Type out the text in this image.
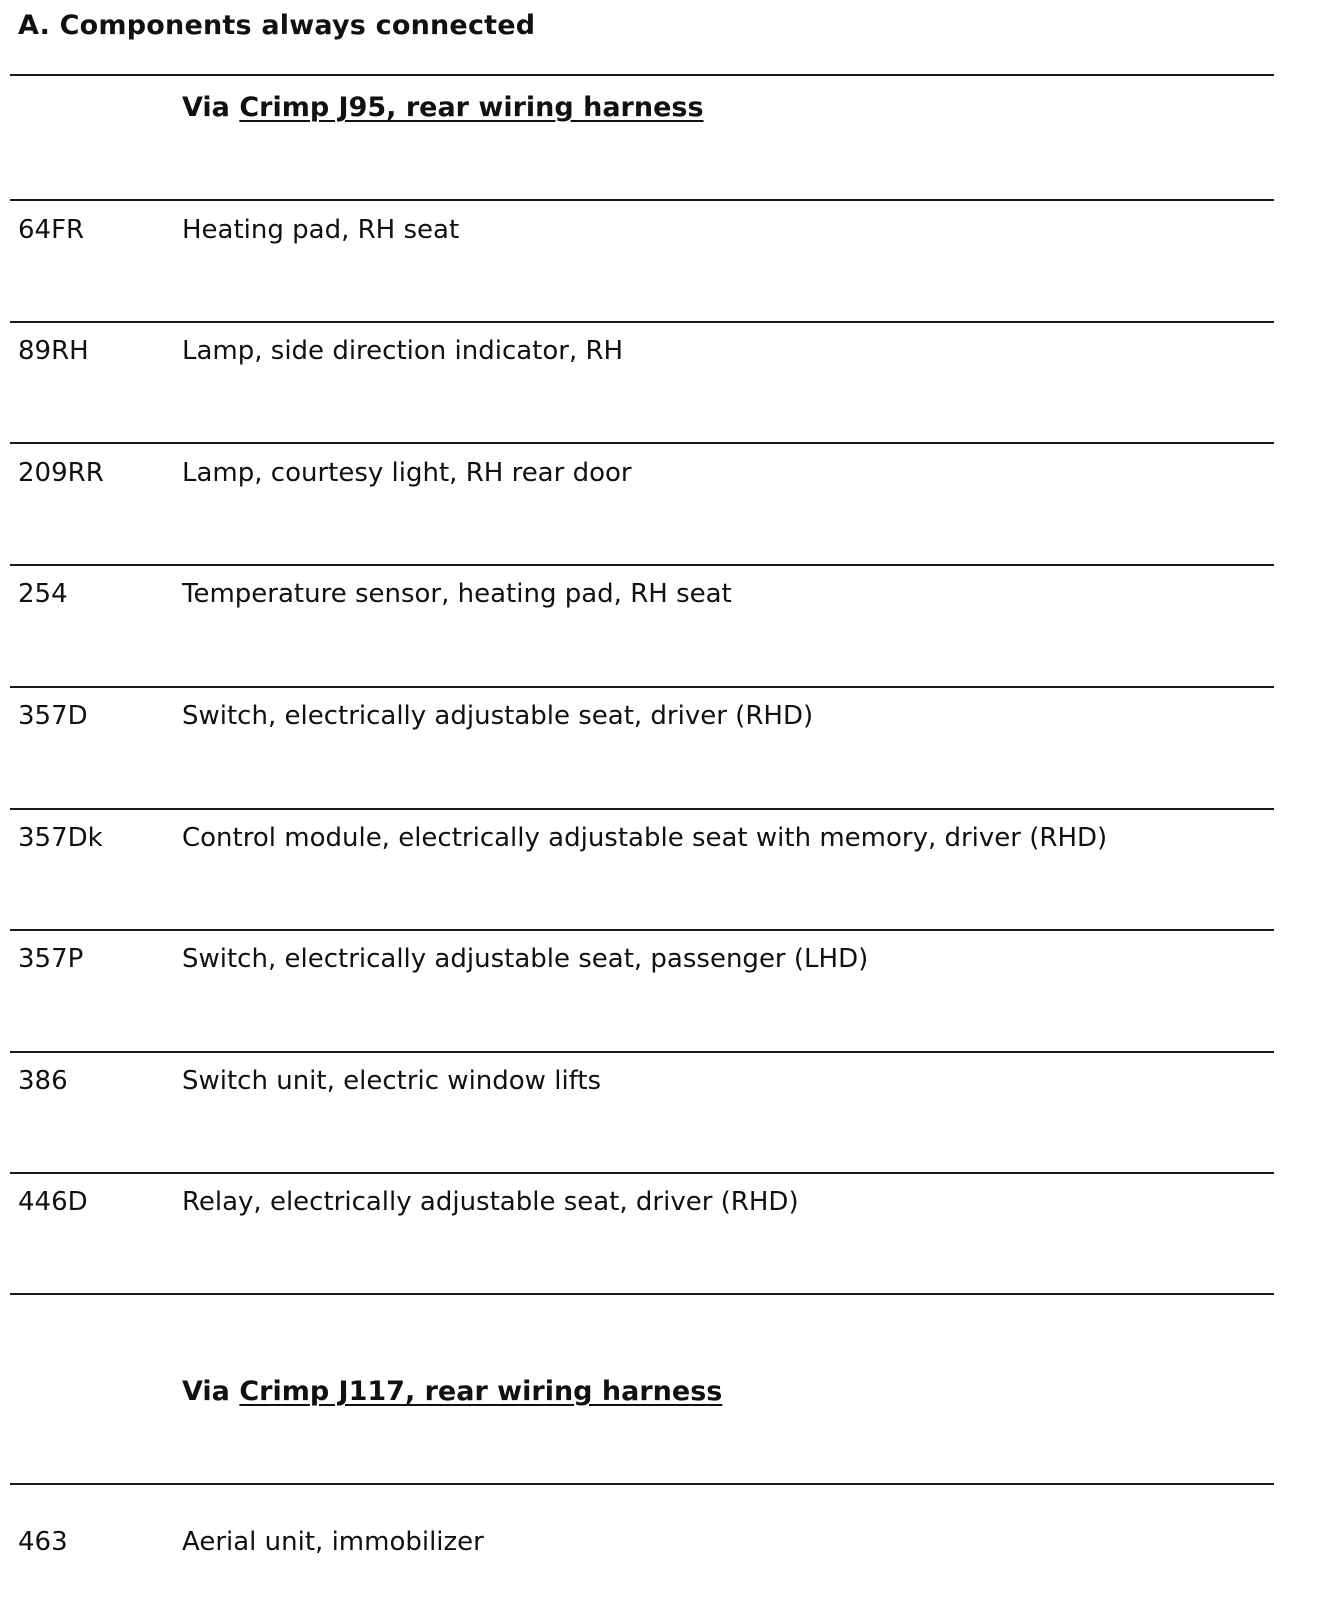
A. Components always connected
Via Crimp J95, rear wiring harness
64FR	Heating pad, RH seat
89RH	Lamp, side direction indicator, RH
209RR	Lamp, courtesy light, RH rear door
254	Temperature sensor, heating pad, RH seat
357D	Switch, electrically adjustable seat, driver (RHD)
357Dk	Control module, electrically adjustable seat with memory, driver (RHD)
357P	Switch, electrically adjustable seat, passenger (LHD)
386	Switch unit, electric window lifts
446D	Relay, electrically adjustable seat, driver (RHD)
Via Crimp J117, rear wiring harness
463	Aerial unit, immobilizer
